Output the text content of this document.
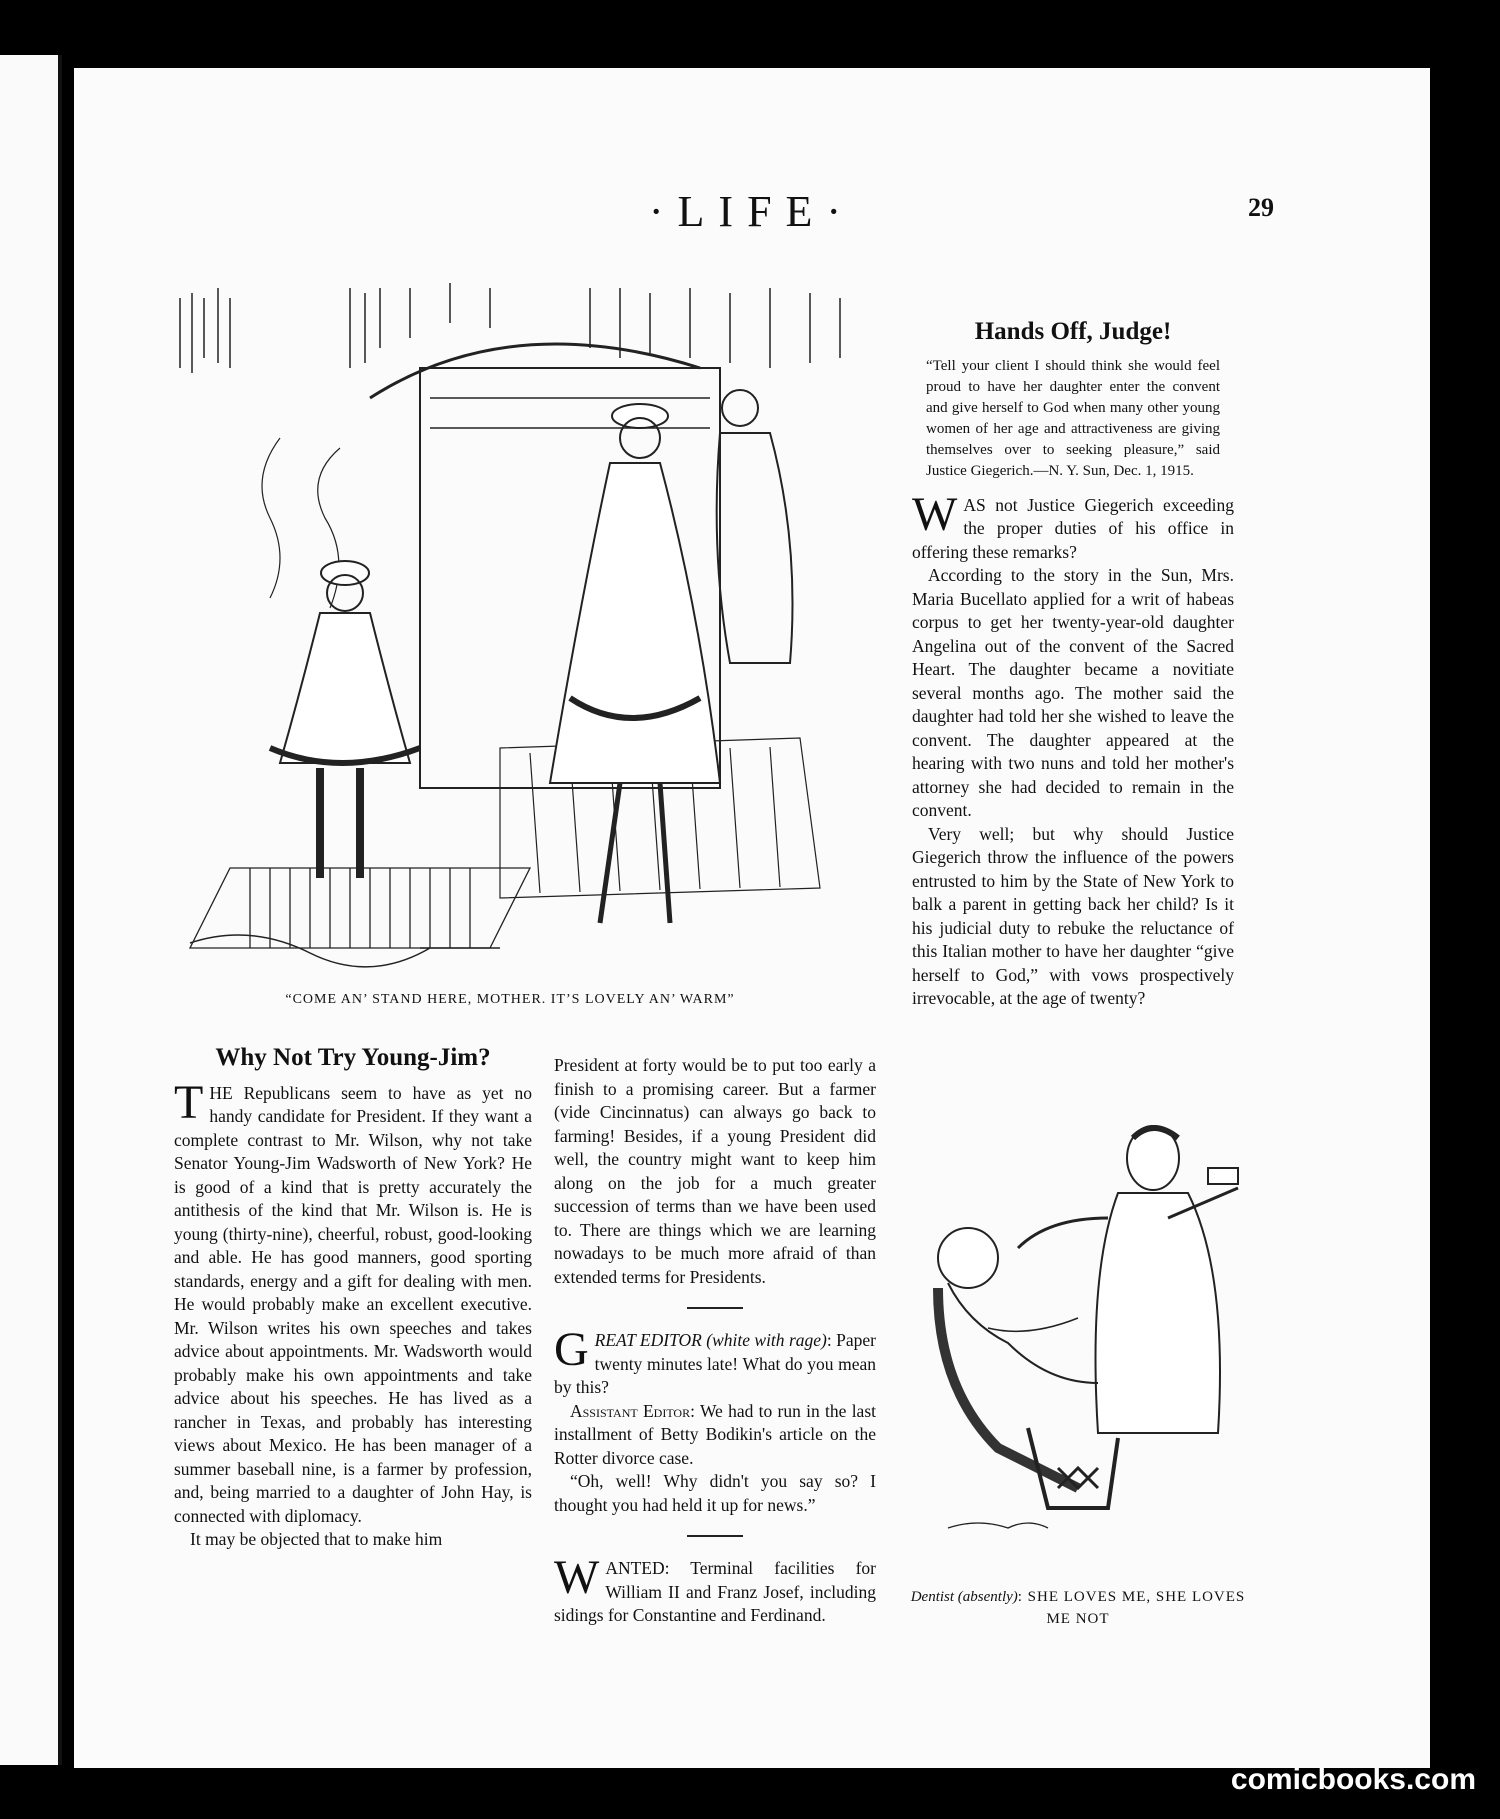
·LIFE·	29
“COME AN’ STAND HERE, MOTHER. IT’S LOVELY AN’ WARM”
Why Not Try Young-Jim?

THE Republicans seem to have as yet no handy candidate for President. If they want a complete contrast to Mr. Wilson, why not take Senator Young-Jim Wadsworth of New York? He is good of a kind that is pretty accurately the antithesis of the kind that Mr. Wilson is. He is young (thirty-nine), cheerful, robust, good-looking and able. He has good manners, good sporting standards, energy and a gift for dealing with men. He would probably make an excellent executive. Mr. Wilson writes his own speeches and takes advice about appointments. Mr. Wadsworth would probably make his own appointments and take advice about his speeches. He has lived as a rancher in Texas, and probably has interesting views about Mexico. He has been manager of a summer baseball nine, is a farmer by profession, and, being married to a daughter of John Hay, is connected with diplomacy.

It may be objected that to make him

President at forty would be to put too early a finish to a promising career. But a farmer (vide Cincinnatus) can always go back to farming! Besides, if a young President did well, the country might want to keep him along on the job for a much greater succession of terms than we have been used to. There are things which we are learning nowadays to be much more afraid of than extended terms for Presidents.

GREAT EDITOR (white with rage): Paper twenty minutes late! What do you mean by this?

Assistant Editor: We had to run in the last installment of Betty Bodikin's article on the Rotter divorce case.

“Oh, well! Why didn't you say so? I thought you had held it up for news.”

WANTED: Terminal facilities for William II and Franz Josef, including sidings for Constantine and Ferdinand.

Hands Off, Judge!
“Tell your client I should think she would feel proud to have her daughter enter the convent and give herself to God when many other young women of her age and attractiveness are giving themselves over to seeking pleasure,” said Justice Giegerich.—N. Y. Sun, Dec. 1, 1915.

WAS not Justice Giegerich exceeding the proper duties of his office in offering these remarks?

According to the story in the Sun, Mrs. Maria Bucellato applied for a writ of habeas corpus to get her twenty-year-old daughter Angelina out of the convent of the Sacred Heart. The daughter became a novitiate several months ago. The mother said the daughter had told her she wished to leave the convent. The daughter appeared at the hearing with two nuns and told her mother's attorney she had decided to remain in the convent.

Very well; but why should Justice Giegerich throw the influence of the powers entrusted to him by the State of New York to balk a parent in getting back her child? Is it his judicial duty to rebuke the reluctance of this Italian mother to have her daughter “give herself to God,” with vows prospectively irrevocable, at the age of twenty?

Dentist (absently): SHE LOVES ME, SHE LOVES ME NOT
comicbooks.com
